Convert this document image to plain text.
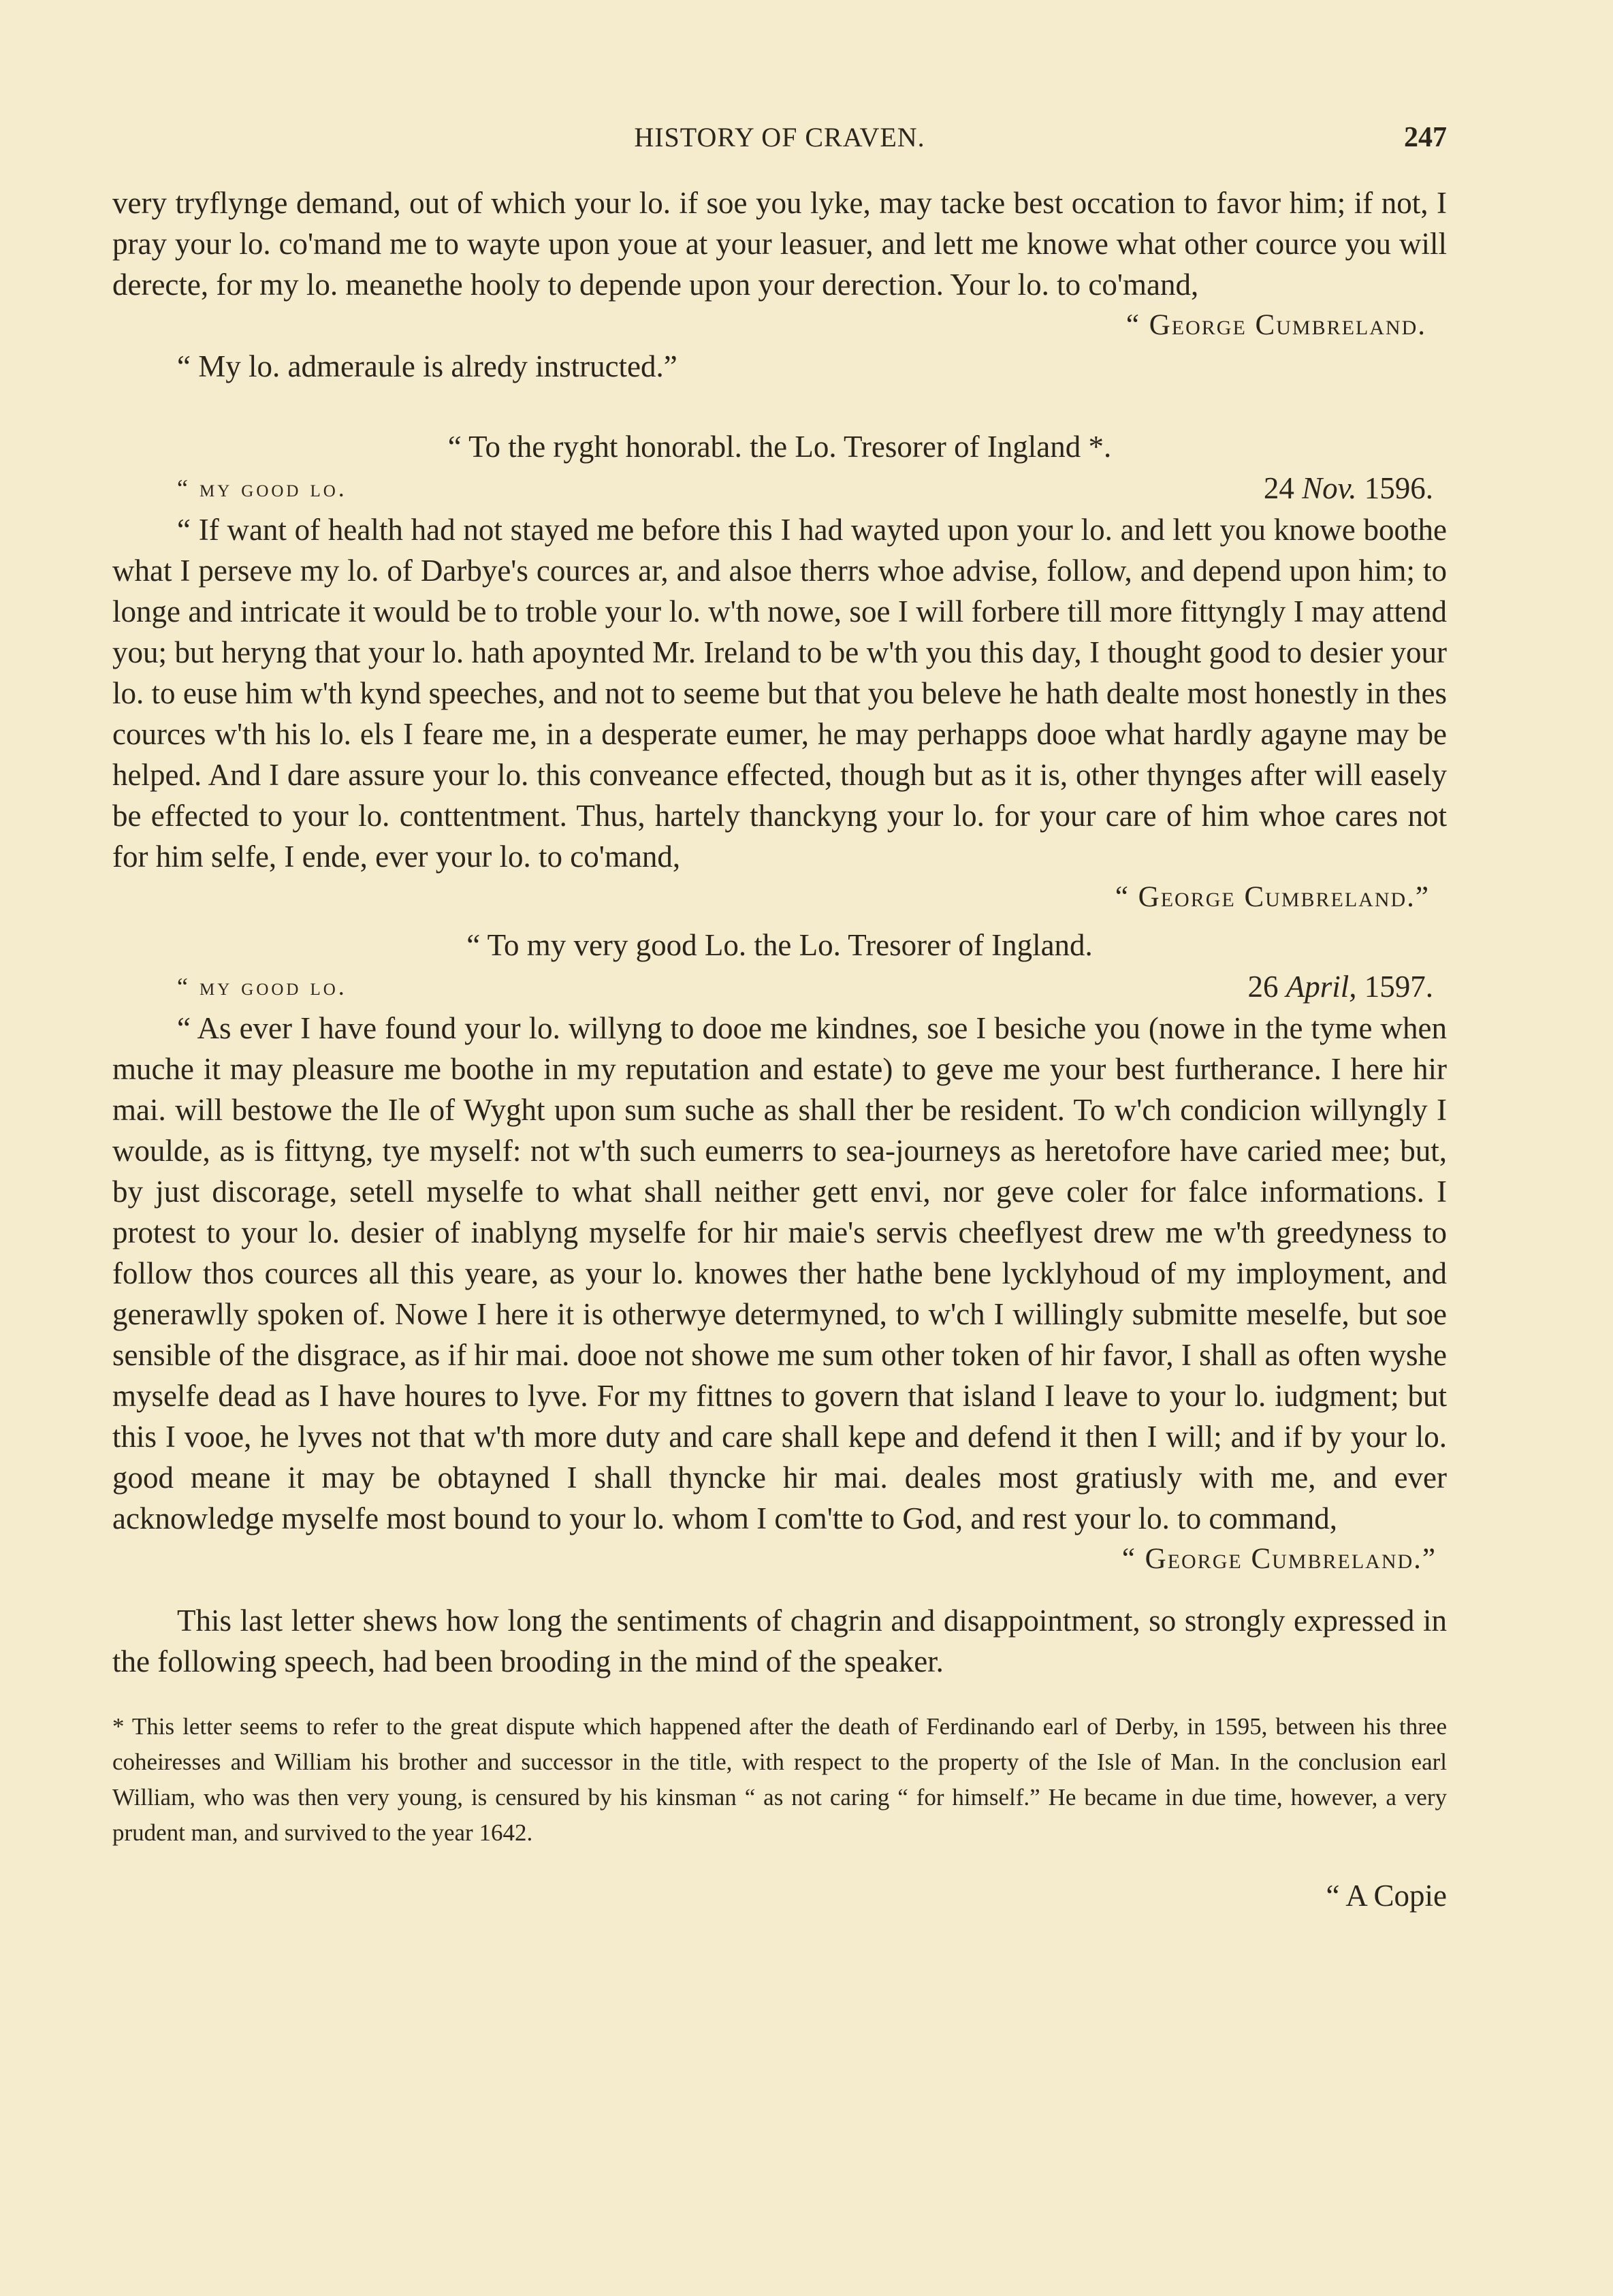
HISTORY OF CRAVEN.	247

very tryflynge demand, out of which your lo. if soe you lyke, may tacke best occation to favor him; if not, I pray your lo. co'mand me to wayte upon youe at your leasuer, and lett me knowe what other cource you will derecte, for my lo. meanethe hooly to depende upon your derection. Your lo. to co'mand,

“ George Cumbreland.

“ My lo. admeraule is alredy instructed.”

“ To the ryght honorabl. the Lo. Tresorer of Ingland *.

“ my good lo.	24 Nov. 1596.

“ If want of health had not stayed me before this I had wayted upon your lo. and lett you knowe boothe what I perseve my lo. of Darbye's cources ar, and alsoe therrs whoe advise, follow, and depend upon him; to longe and intricate it would be to troble your lo. w'th nowe, soe I will forbere till more fittyngly I may attend you; but heryng that your lo. hath apoynted Mr. Ireland to be w'th you this day, I thought good to desier your lo. to euse him w'th kynd speeches, and not to seeme but that you beleve he hath dealte most honestly in thes cources w'th his lo. els I feare me, in a desperate eumer, he may perhapps dooe what hardly agayne may be helped. And I dare assure your lo. this conveance effected, though but as it is, other thynges after will easely be effected to your lo. conttentment. Thus, hartely thanckyng your lo. for your care of him whoe cares not for him selfe, I ende, ever your lo. to co'mand,

“ George Cumbreland.”

“ To my very good Lo. the Lo. Tresorer of Ingland.

“ my good lo.	26 April, 1597.

“ As ever I have found your lo. willyng to dooe me kindnes, soe I besiche you (nowe in the tyme when muche it may pleasure me boothe in my reputation and estate) to geve me your best furtherance. I here hir mai. will bestowe the Ile of Wyght upon sum suche as shall ther be resident. To w'ch condicion willyngly I woulde, as is fittyng, tye myself: not w'th such eumerrs to sea-journeys as heretofore have caried mee; but, by just discorage, setell myselfe to what shall neither gett envi, nor geve coler for falce informations. I protest to your lo. desier of inablyng myselfe for hir maie's servis cheeflyest drew me w'th greedyness to follow thos cources all this yeare, as your lo. knowes ther hathe bene lycklyhoud of my imployment, and generawlly spoken of. Nowe I here it is otherwye determyned, to w'ch I willingly submitte meselfe, but soe sensible of the disgrace, as if hir mai. dooe not showe me sum other token of hir favor, I shall as often wyshe myselfe dead as I have houres to lyve. For my fittnes to govern that island I leave to your lo. iudgment; but this I vooe, he lyves not that w'th more duty and care shall kepe and defend it then I will; and if by your lo. good meane it may be obtayned I shall thyncke hir mai. deales most gratiusly with me, and ever acknowledge myselfe most bound to your lo. whom I com'tte to God, and rest your lo. to command,

“ George Cumbreland.”

This last letter shews how long the sentiments of chagrin and disappointment, so strongly expressed in the following speech, had been brooding in the mind of the speaker.

* This letter seems to refer to the great dispute which happened after the death of Ferdinando earl of Derby, in 1595, between his three coheiresses and William his brother and successor in the title, with respect to the property of the Isle of Man. In the conclusion earl William, who was then very young, is censured by his kinsman “ as not caring “ for himself.” He became in due time, however, a very prudent man, and survived to the year 1642.

“ A Copie
